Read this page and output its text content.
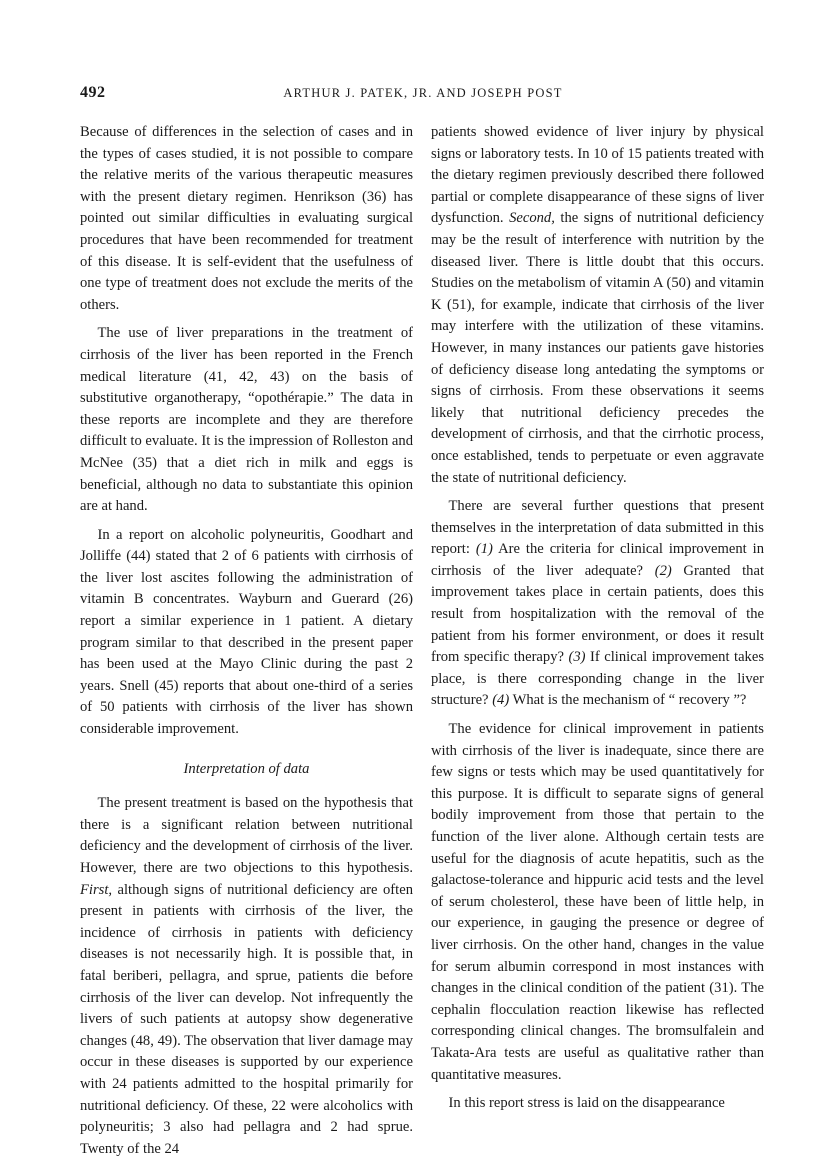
492	ARTHUR J. PATEK, JR. AND JOSEPH POST

Because of differences in the selection of cases and in the types of cases studied, it is not possible to compare the relative merits of the various therapeutic measures with the present dietary regimen. Henrikson (36) has pointed out similar difficulties in evaluating surgical procedures that have been recommended for treatment of this disease. It is self-evident that the usefulness of one type of treatment does not exclude the merits of the others.

The use of liver preparations in the treatment of cirrhosis of the liver has been reported in the French medical literature (41, 42, 43) on the basis of substitutive organotherapy, “opothérapie.” The data in these reports are incomplete and they are therefore difficult to evaluate. It is the impression of Rolleston and McNee (35) that a diet rich in milk and eggs is beneficial, although no data to substantiate this opinion are at hand.

In a report on alcoholic polyneuritis, Goodhart and Jolliffe (44) stated that 2 of 6 patients with cirrhosis of the liver lost ascites following the administration of vitamin B concentrates. Wayburn and Guerard (26) report a similar experience in 1 patient. A dietary program similar to that described in the present paper has been used at the Mayo Clinic during the past 2 years. Snell (45) reports that about one-third of a series of 50 patients with cirrhosis of the liver has shown considerable improvement.

Interpretation of data

The present treatment is based on the hypothesis that there is a significant relation between nutritional deficiency and the development of cirrhosis of the liver. However, there are two objections to this hypothesis. First, although signs of nutritional deficiency are often present in patients with cirrhosis of the liver, the incidence of cirrhosis in patients with deficiency diseases is not necessarily high. It is possible that, in fatal beriberi, pellagra, and sprue, patients die before cirrhosis of the liver can develop. Not infrequently the livers of such patients at autopsy show degenerative changes (48, 49). The observation that liver damage may occur in these diseases is supported by our experience with 24 patients admitted to the hospital primarily for nutritional deficiency. Of these, 22 were alcoholics with polyneuritis; 3 also had pellagra and 2 had sprue. Twenty of the 24

patients showed evidence of liver injury by physical signs or laboratory tests. In 10 of 15 patients treated with the dietary regimen previously described there followed partial or complete disappearance of these signs of liver dysfunction. Second, the signs of nutritional deficiency may be the result of interference with nutrition by the diseased liver. There is little doubt that this occurs. Studies on the metabolism of vitamin A (50) and vitamin K (51), for example, indicate that cirrhosis of the liver may interfere with the utilization of these vitamins. However, in many instances our patients gave histories of deficiency disease long antedating the symptoms or signs of cirrhosis. From these observations it seems likely that nutritional deficiency precedes the development of cirrhosis, and that the cirrhotic process, once established, tends to perpetuate or even aggravate the state of nutritional deficiency.

There are several further questions that present themselves in the interpretation of data submitted in this report: (1) Are the criteria for clinical improvement in cirrhosis of the liver adequate? (2) Granted that improvement takes place in certain patients, does this result from hospitalization with the removal of the patient from his former environment, or does it result from specific therapy? (3) If clinical improvement takes place, is there corresponding change in the liver structure? (4) What is the mechanism of “ recovery ”?

The evidence for clinical improvement in patients with cirrhosis of the liver is inadequate, since there are few signs or tests which may be used quantitatively for this purpose. It is difficult to separate signs of general bodily improvement from those that pertain to the function of the liver alone. Although certain tests are useful for the diagnosis of acute hepatitis, such as the galactose-tolerance and hippuric acid tests and the level of serum cholesterol, these have been of little help, in our experience, in gauging the presence or degree of liver cirrhosis. On the other hand, changes in the value for serum albumin correspond in most instances with changes in the clinical condition of the patient (31). The cephalin flocculation reaction likewise has reflected corresponding clinical changes. The bromsulfalein and Takata-Ara tests are useful as qualitative rather than quantitative measures.

In this report stress is laid on the disappearance
